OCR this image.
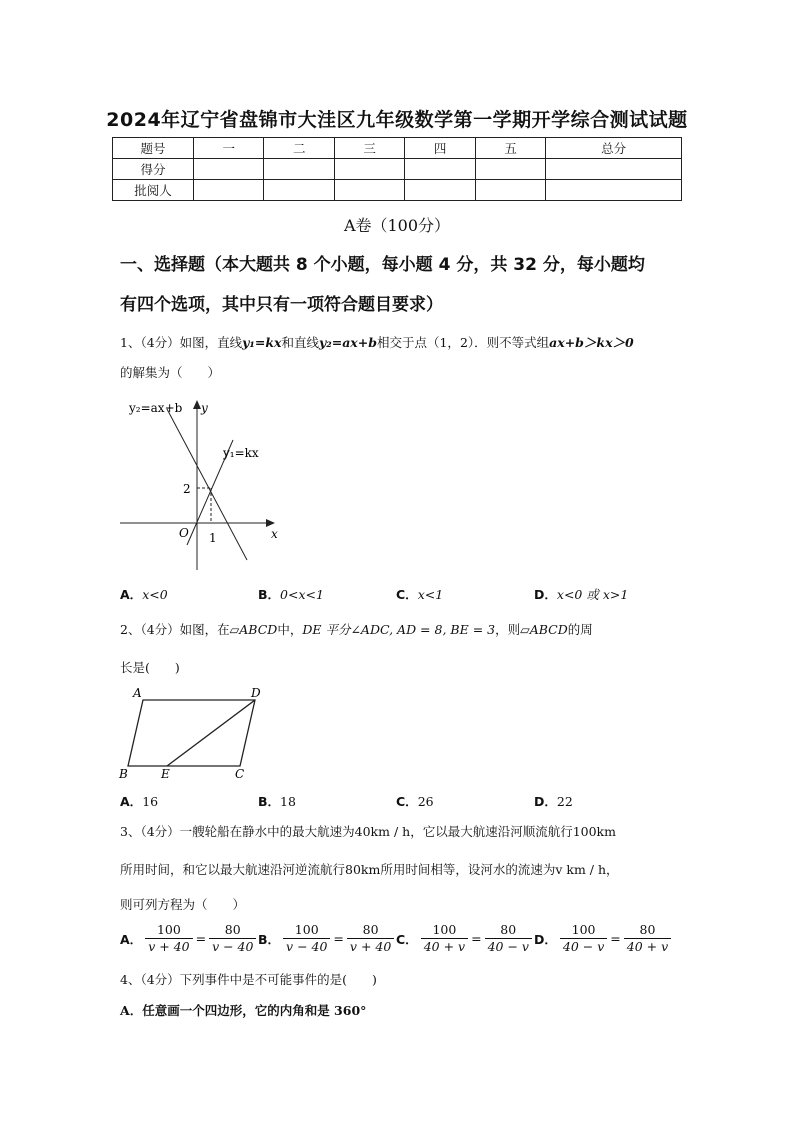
2024年辽宁省盘锦市大洼区九年级数学第一学期开学综合测试试题
题号	一	二	三	四	五	总分
得分						
批阅人						
A卷（100分）
一、选择题（本大题共 8 个小题，每小题 4 分，共 32 分，每小题均
有四个选项，其中只有一项符合题目要求）
1、（4分）如图，直线y₁=kx和直线y₂=ax+b相交于点（1，2）．则不等式组ax+b＞kx＞0
的解集为（　　）
y₂=ax+b y
y₁=kx
2
O 1	x
A．x<0	B．0<x<1	C．x<1	D．x<0 或 x>1
2、（4分）如图，在▱ABCD中，DE 平分∠ADC, AD = 8, BE = 3，则▱ABCD的周
长是(　　)
A	D
B	E	C
A．16	B．18	C．26	D．22
3、（4分）一艘轮船在静水中的最大航速为40km / h，它以最大航速沿河顺流航行100km
所用时间，和它以最大航速沿河逆流航行80km所用时间相等，设河水的流速为v km / h，
则可列方程为（　　）
A． $\frac{100}{v + 40} = \frac{80}{v - 40}$ B． $\frac{100}{v - 40} = \frac{80}{v + 40}$ C． $\frac{100}{40 + v} = \frac{80}{40 - v}$ D． $\frac{100}{40 - v} = \frac{80}{40 + v}$
4、（4分）下列事件中是不可能事件的是(　　)
A．任意画一个四边形，它的内角和是 360°
